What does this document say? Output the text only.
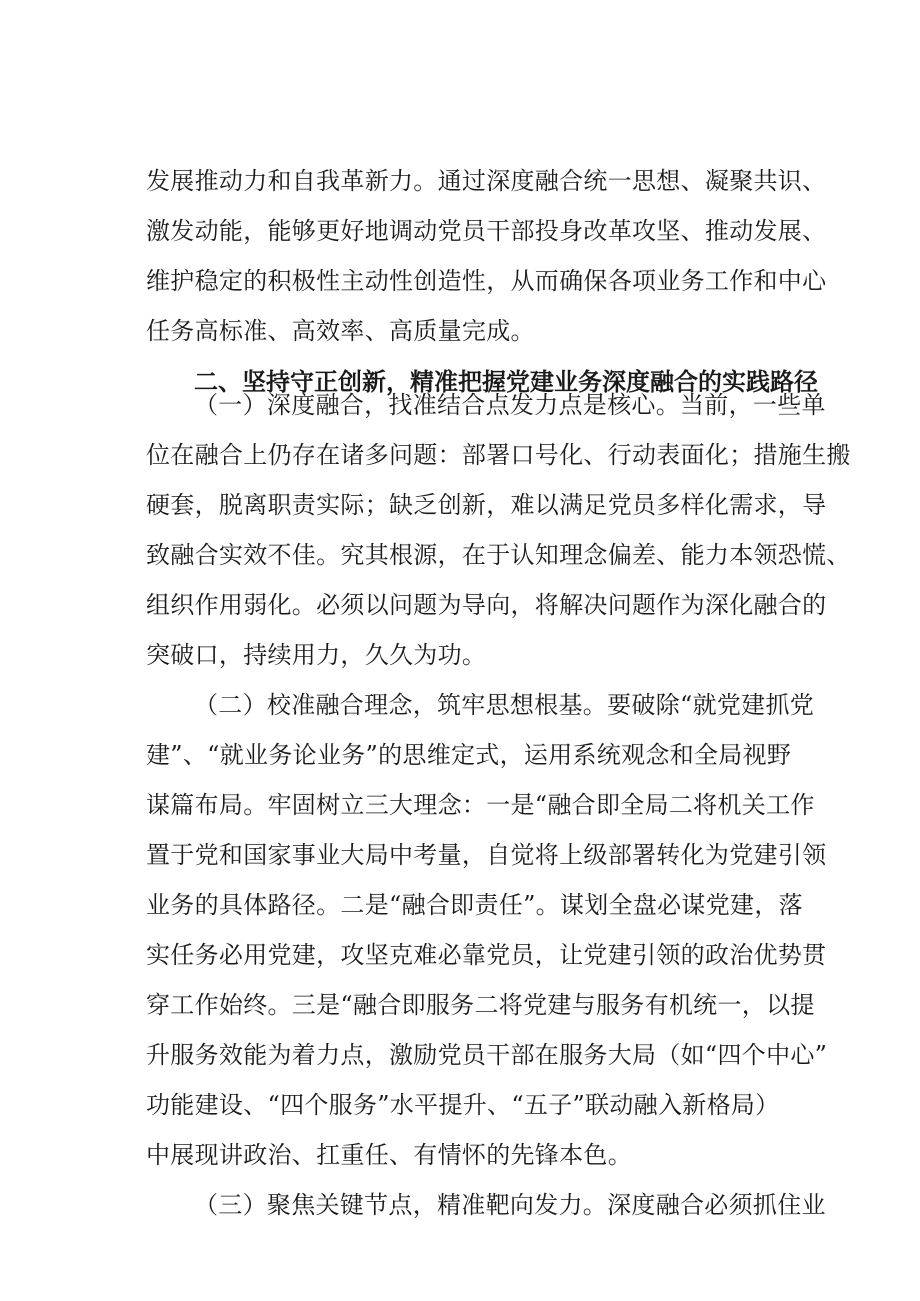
发展推动力和自我革新力。通过深度融合统一思想、凝聚共识、
激发动能，能够更好地调动党员干部投身改革攻坚、推动发展、
维护稳定的积极性主动性创造性，从而确保各项业务工作和中心
任务高标准、高效率、高质量完成。
二、坚持守正创新，精准把握党建业务深度融合的实践路径
（一）深度融合，找准结合点发力点是核心。当前，一些单
位在融合上仍存在诸多问题：部署口号化、行动表面化；措施生搬
硬套，脱离职责实际；缺乏创新，难以满足党员多样化需求，导
致融合实效不佳。究其根源，在于认知理念偏差、能力本领恐慌、
组织作用弱化。必须以问题为导向，将解决问题作为深化融合的
突破口，持续用力，久久为功。
（二）校准融合理念，筑牢思想根基。要破除“就党建抓党
建”、“就业务论业务”的思维定式，运用系统观念和全局视野
谋篇布局。牢固树立三大理念：一是“融合即全局二将机关工作
置于党和国家事业大局中考量，自觉将上级部署转化为党建引领
业务的具体路径。二是“融合即责任”。谋划全盘必谋党建，落
实任务必用党建，攻坚克难必靠党员，让党建引领的政治优势贯
穿工作始终。三是“融合即服务二将党建与服务有机统一，以提
升服务效能为着力点，激励党员干部在服务大局（如“四个中心”
功能建设、“四个服务”水平提升、“五子”联动融入新格局）
中展现讲政治、扛重任、有情怀的先锋本色。
（三）聚焦关键节点，精准靶向发力。深度融合必须抓住业
